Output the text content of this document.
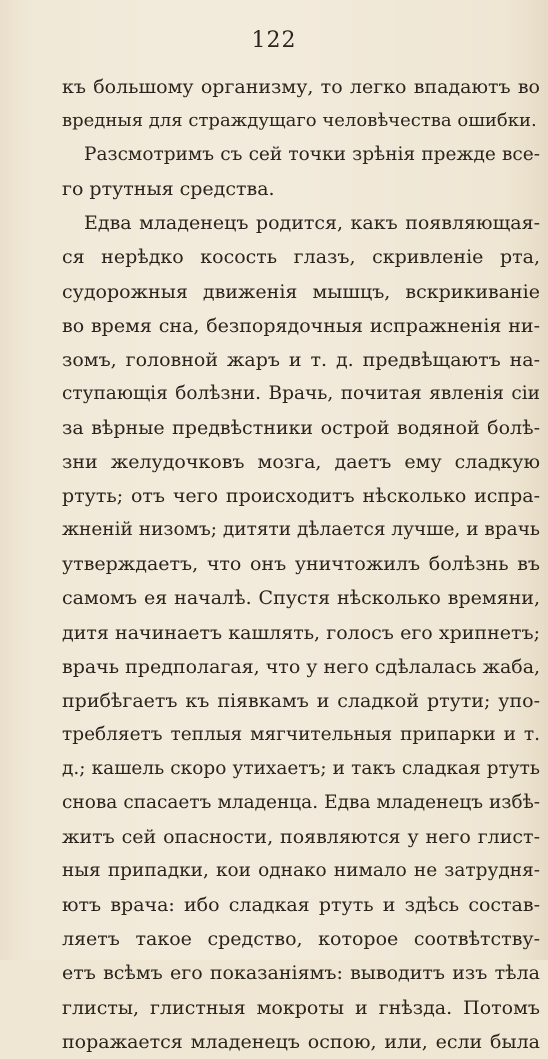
122
къ большому организму, то легко впадаютъ во
вредныя для страждущаго человѣчества ошибки.
Разсмотримъ съ сей точки зрѣнія прежде все-
го ртутныя средства.
Едва младенецъ родится, какъ появляющая-
ся нерѣдко косость глазъ, скривленіе рта,
судорожныя движенія мышцъ, вскрикиваніе
во время сна, безпорядочныя испражненія ни-
зомъ, головной жаръ и т. д. предвѣщаютъ на-
ступающія болѣзни. Врачь, почитая явленія сіи
за вѣрные предвѣстники острой водяной болѣ-
зни желудочковъ мозга, даетъ ему сладкую
ртуть; отъ чего происходитъ нѣсколько испра-
жненій низомъ; дитяти дѣлается лучше, и врачь
утверждаетъ, что онъ уничтожилъ болѣзнь въ
самомъ ея началѣ. Спустя нѣсколько времяни,
дитя начинаетъ кашлять, голосъ его хрипнетъ;
врачь предполагая, что у него сдѣлалась жаба,
прибѣгаетъ къ піявкамъ и сладкой ртути; упо-
требляетъ теплыя мягчительныя припарки и т.
д.; кашель скоро утихаетъ; и такъ сладкая ртуть
снова спасаетъ младенца. Едва младенецъ избѣ-
житъ сей опасности, появляются у него глист-
ныя припадки, кои однако нимало не затрудня-
ютъ врача: ибо сладкая ртуть и здѣсь состав-
ляетъ такое средство, которое соотвѣтству-
етъ всѣмъ его показаніямъ: выводитъ изъ тѣла
глисты, глистныя мокроты и гнѣзда. Потомъ
поражается младенецъ оспою, или, если была
